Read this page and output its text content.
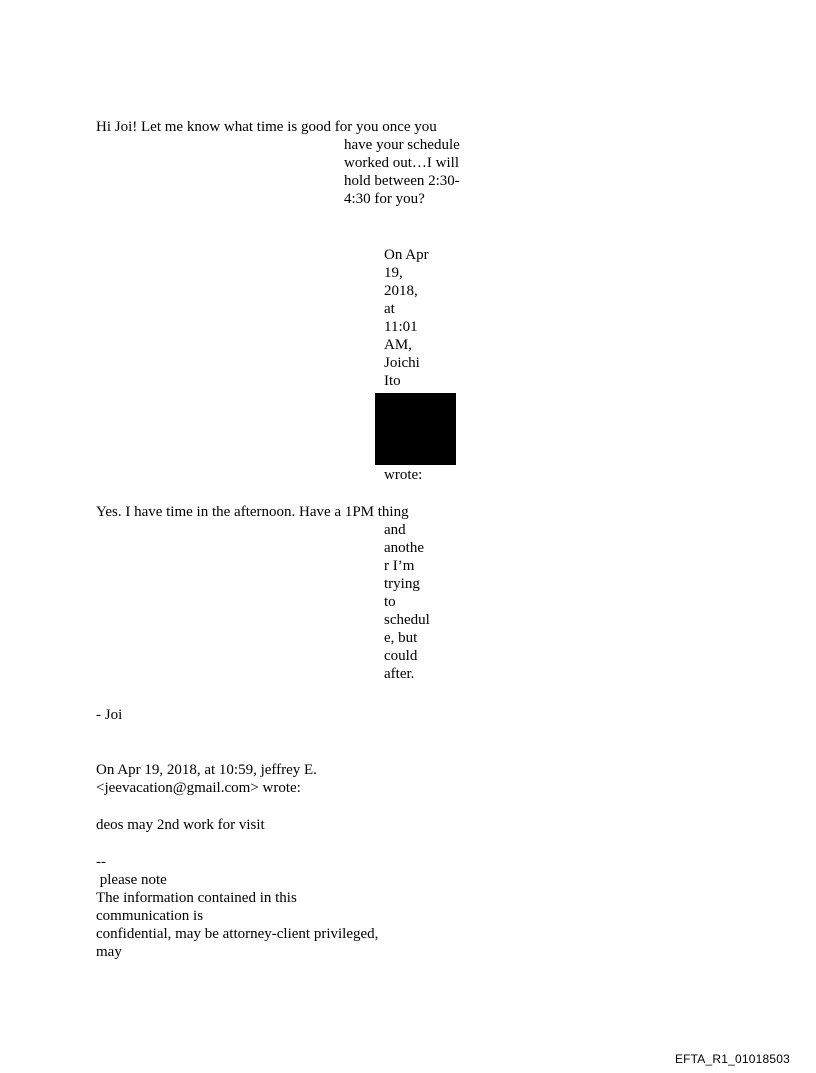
Hi Joi! Let me know what time is good for you once you
have your schedule
worked out…I will
hold between 2:30-
4:30 for you?
On Apr
19,
2018,
at
11:01
AM,
Joichi
Ito
wrote:
Yes. I have time in the afternoon. Have a 1PM thing
and
anothe
r I’m
trying
to
schedul
e, but
could
after.
- Joi
On Apr 19, 2018, at 10:59, jeffrey E.
<jeevacation@gmail.com> wrote:
deos may 2nd work for visit
--
please note
The information contained in this
communication is
confidential, may be attorney-client privileged,
may
EFTA_R1_01018503
